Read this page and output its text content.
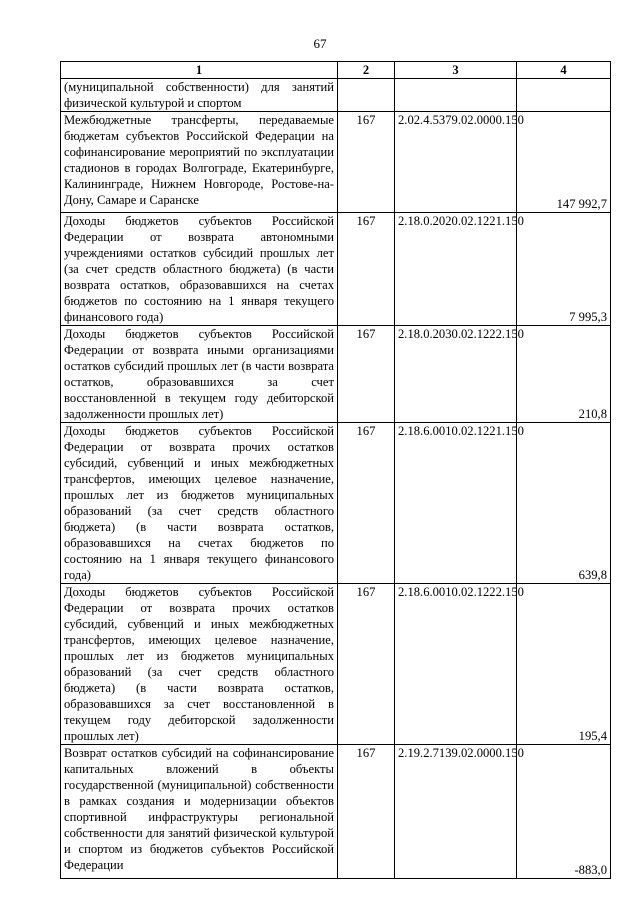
67
1	2	3	4
(муниципальной собственности) для занятий физической культурой и спортом			
Межбюджетные трансферты, передаваемые бюджетам субъектов Российской Федерации на софинансирование мероприятий по эксплуатации стадионов в городах Волгограде, Екатеринбурге, Калининграде, Нижнем Новгороде, Ростове-на-Дону, Самаре и Саранске	167	2.02.4.5379.02.0000.150	147 992,7
Доходы бюджетов субъектов Российской Федерации от возврата автономными учреждениями остатков субсидий прошлых лет (за счет средств областного бюджета) (в части возврата остатков, образовавшихся на счетах бюджетов по состоянию на 1 января текущего финансового года)	167	2.18.0.2020.02.1221.150	7 995,3
Доходы бюджетов субъектов Российской Федерации от возврата иными организациями остатков субсидий прошлых лет (в части возврата остатков, образовавшихся за счет восстановленной в текущем году дебиторской задолженности прошлых лет)	167	2.18.0.2030.02.1222.150	210,8
Доходы бюджетов субъектов Российской Федерации от возврата прочих остатков субсидий, субвенций и иных межбюджетных трансфертов, имеющих целевое назначение, прошлых лет из бюджетов муниципальных образований (за счет средств областного бюджета) (в части возврата остатков, образовавшихся на счетах бюджетов по состоянию на 1 января текущего финансового года)	167	2.18.6.0010.02.1221.150	639,8
Доходы бюджетов субъектов Российской Федерации от возврата прочих остатков субсидий, субвенций и иных межбюджетных трансфертов, имеющих целевое назначение, прошлых лет из бюджетов муниципальных образований (за счет средств областного бюджета) (в части возврата остатков, образовавшихся за счет восстановленной в текущем году дебиторской задолженности прошлых лет)	167	2.18.6.0010.02.1222.150	195,4
Возврат остатков субсидий на софинансирование капитальных вложений в объекты государственной (муниципальной) собственности в рамках создания и модернизации объектов спортивной инфраструктуры региональной собственности для занятий физической культурой и спортом из бюджетов субъектов Российской Федерации	167	2.19.2.7139.02.0000.150	-883,0
